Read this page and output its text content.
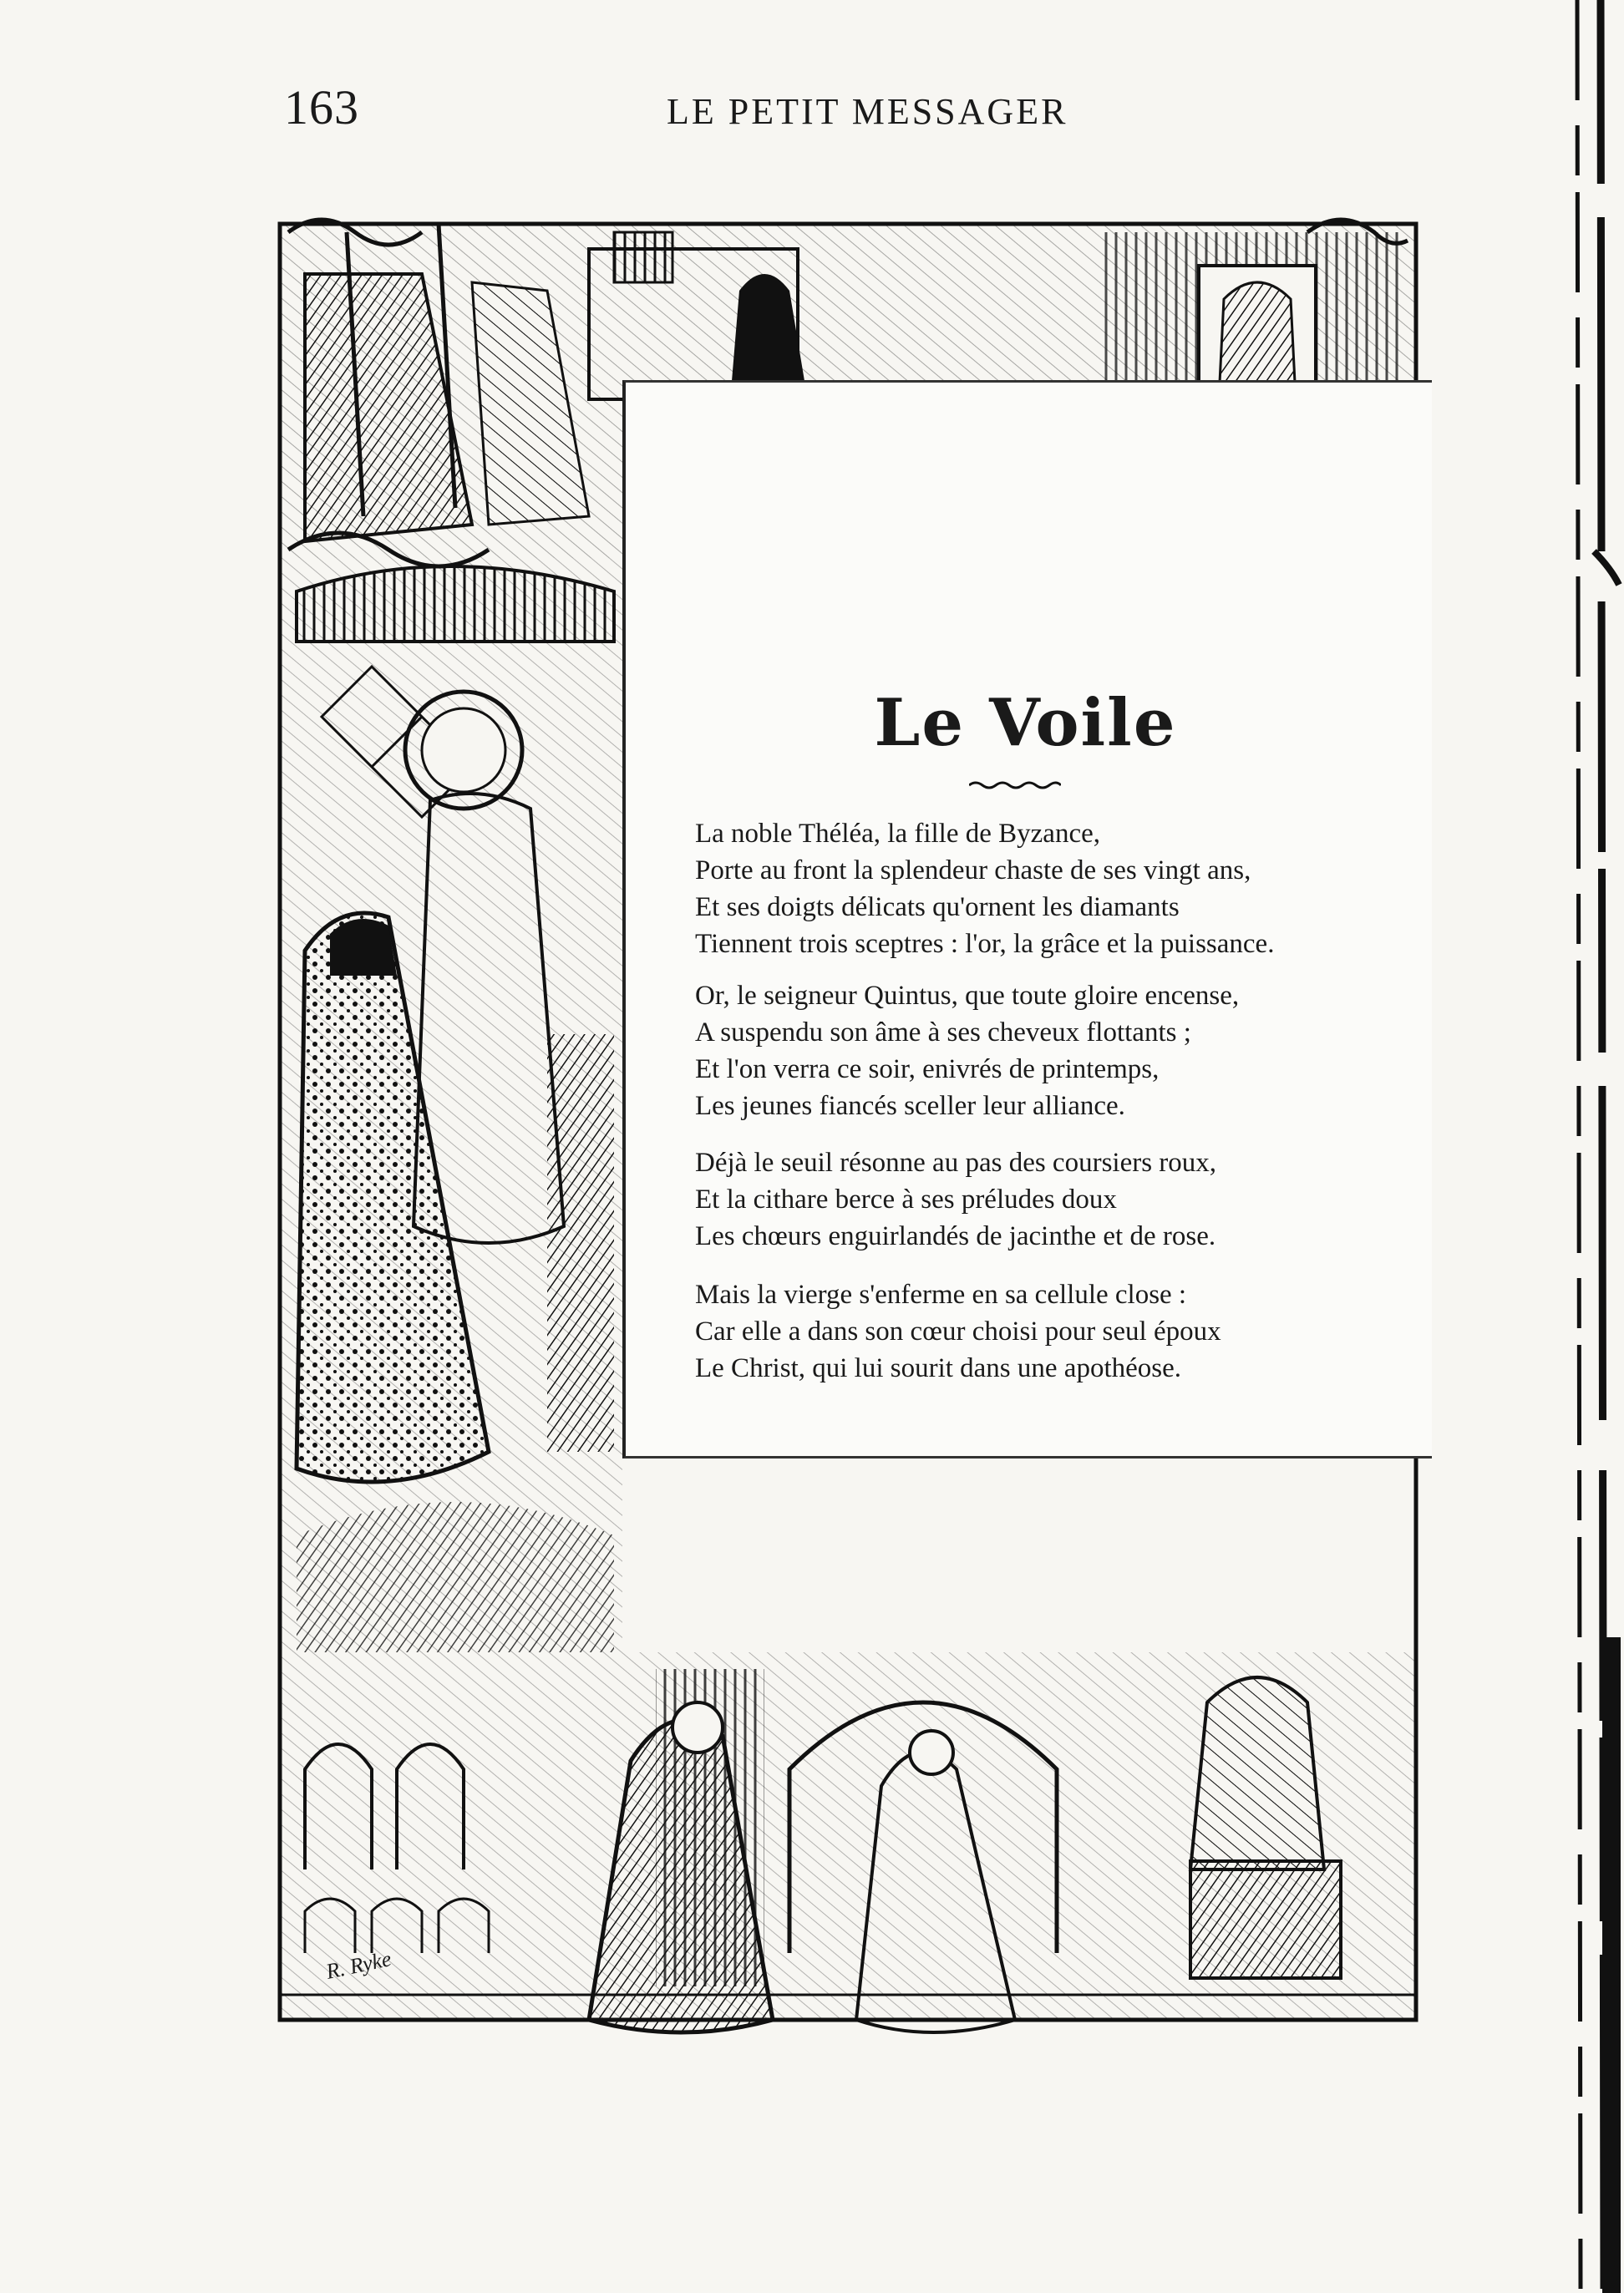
163	LE PETIT MESSAGER
Le Voile
La noble Théléa, la fille de Byzance,
Porte au front la splendeur chaste de ses vingt ans,
Et ses doigts délicats qu'ornent les diamants
Tiennent trois sceptres : l'or, la grâce et la puissance.
Or, le seigneur Quintus, que toute gloire encense,
A suspendu son âme à ses cheveux flottants ;
Et l'on verra ce soir, enivrés de printemps,
Les jeunes fiancés sceller leur alliance.
Déjà le seuil résonne au pas des coursiers roux,
Et la cithare berce à ses préludes doux
Les chœurs enguirlandés de jacinthe et de rose.
Mais la vierge s'enferme en sa cellule close :
Car elle a dans son cœur choisi pour seul époux
Le Christ, qui lui sourit dans une apothéose.
R. Ryke
